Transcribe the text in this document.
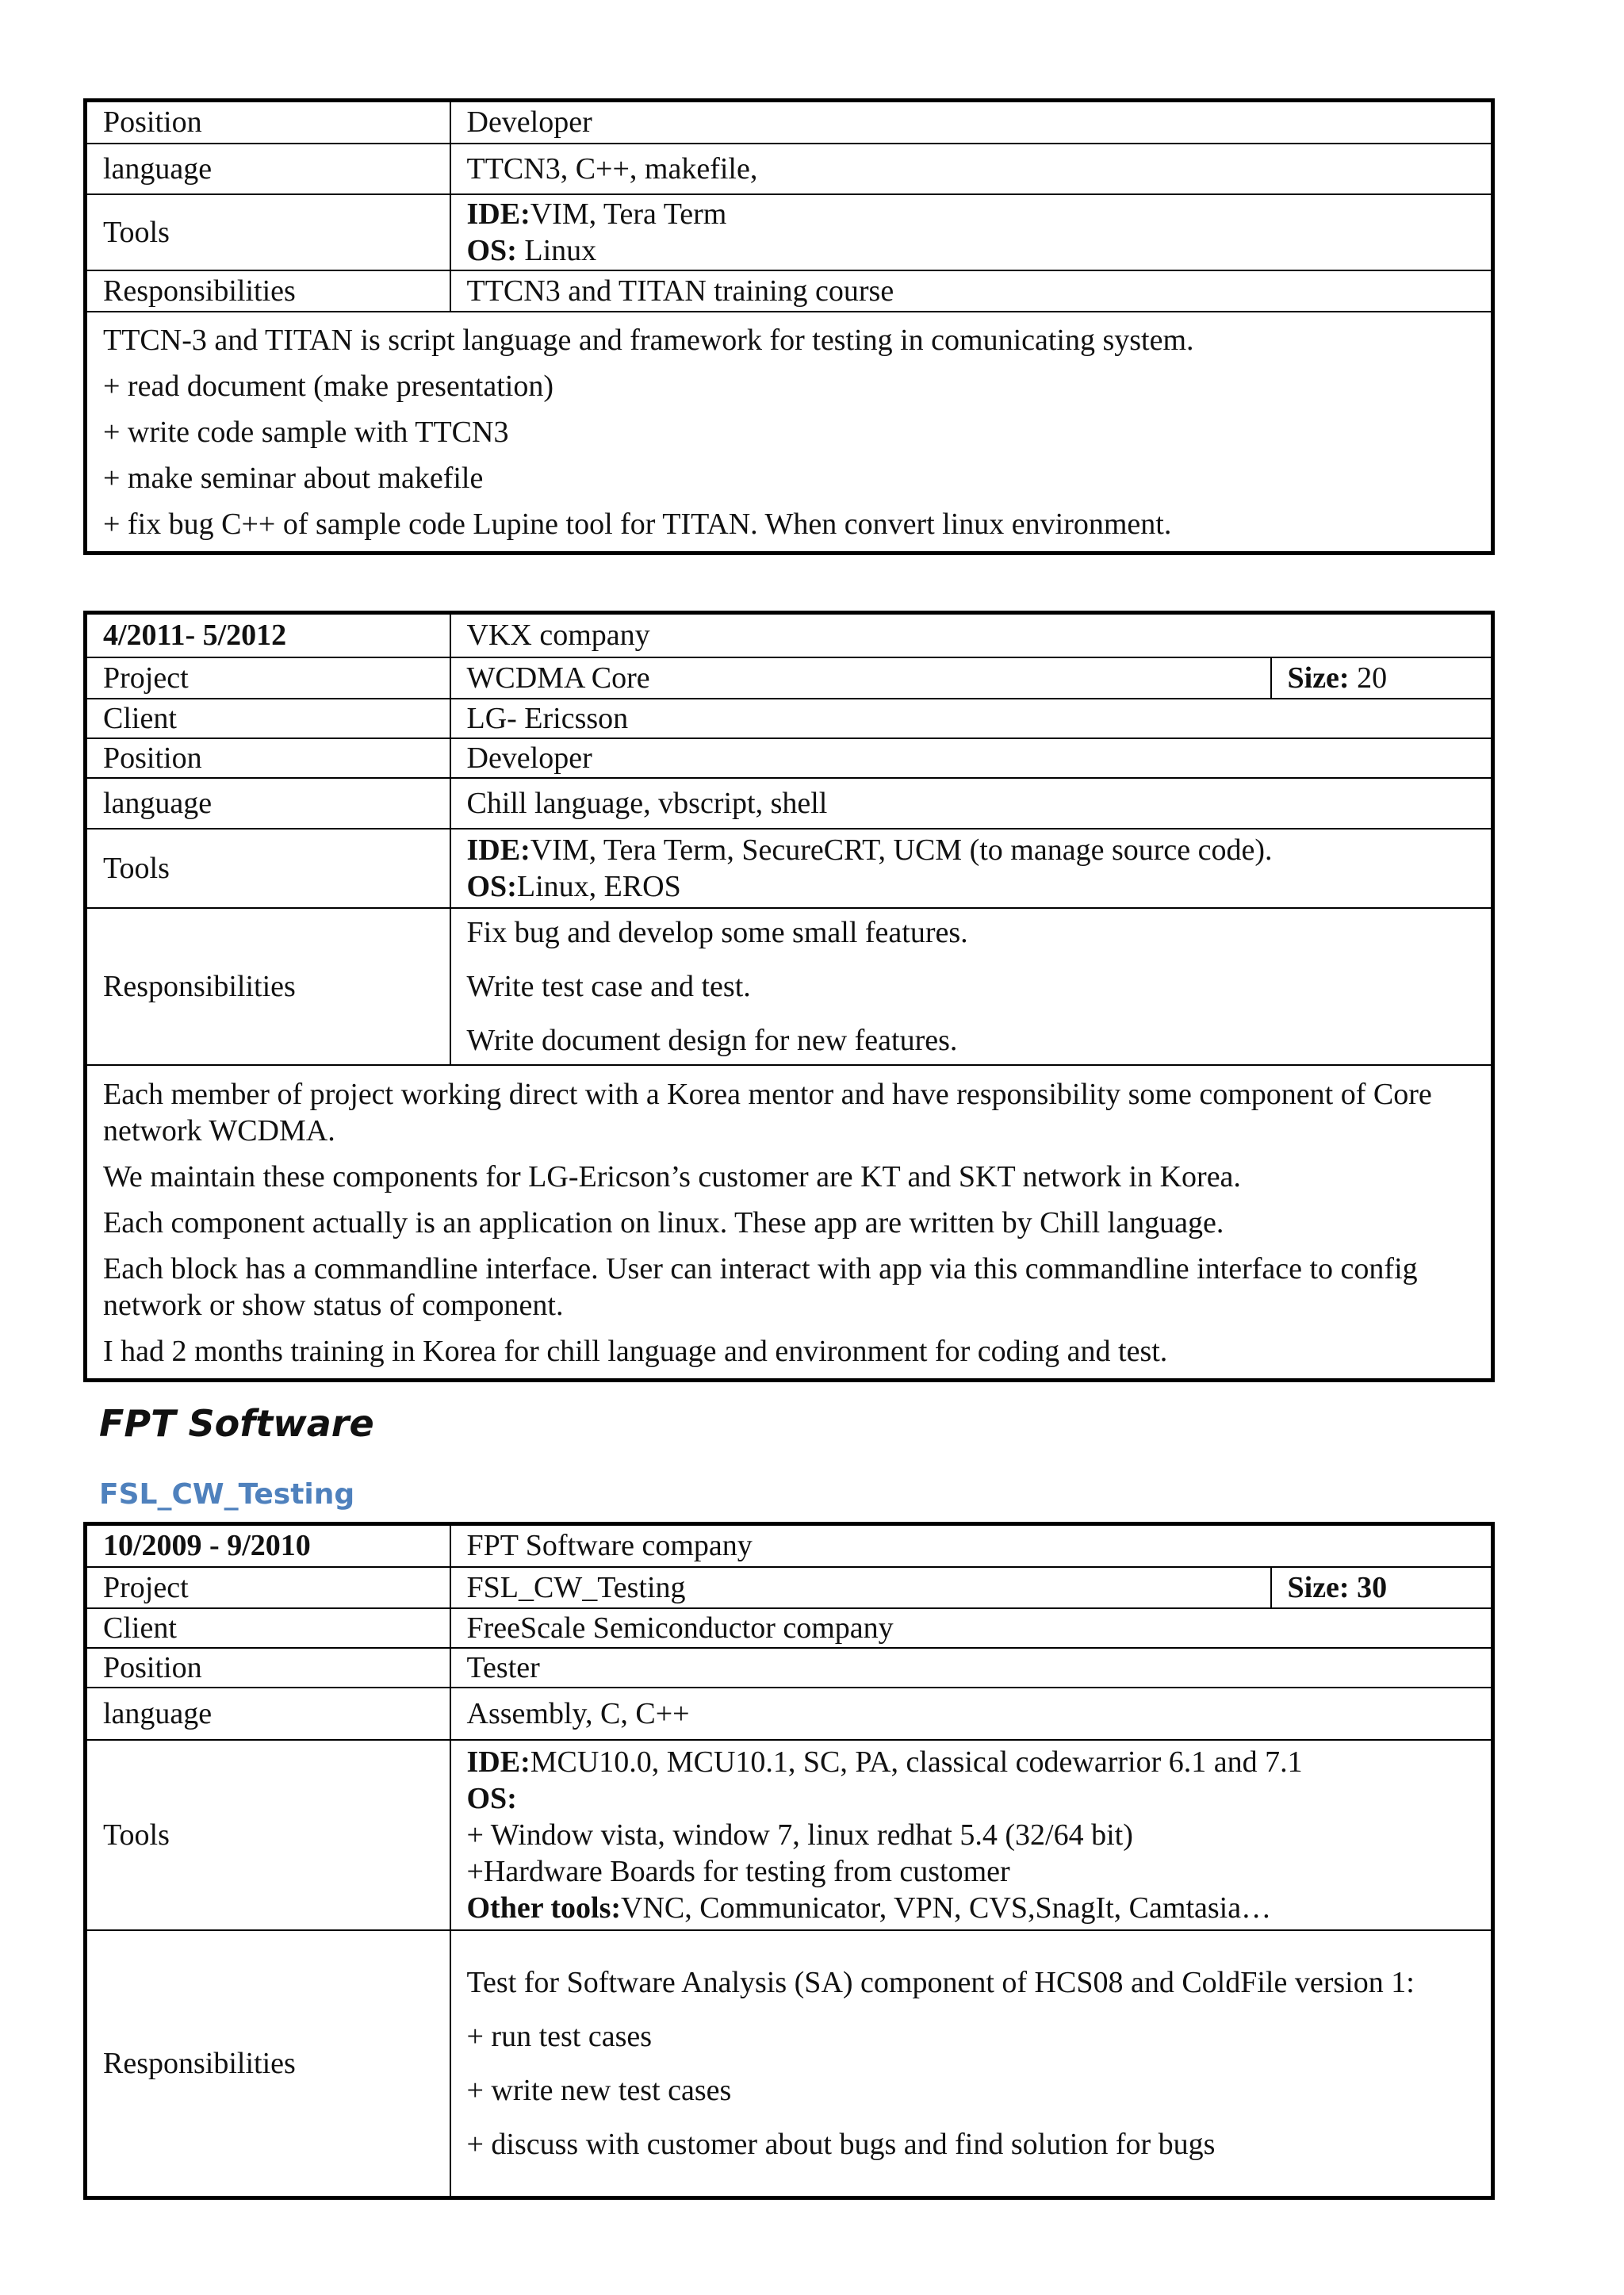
Position	Developer
language	TTCN3, C++, makefile,
Tools	IDE:VIM, Tera Term
OS: Linux

Responsibilities	TTCN3 and TITAN training course

TTCN-3 and TITAN is script language and framework for testing in comunicating system.

+ read document (make presentation)

+ write code sample with TTCN3

+ make seminar about makefile

+ fix bug C++ of sample code Lupine tool for TITAN. When convert linux environment.	

4/2011- 5/2012	VKX company	
Project	WCDMA Core	Size: 20
Client	LG- Ericsson	
Position	Developer	
language	Chill language, vbscript, shell	
Tools	IDE:VIM, Tera Term, SecureCRT, UCM (to manage source code).
OS:Linux, EROS	

Responsibilities	Fix bug and develop some small features.

Write test case and test.

Write document design for new features.	

Each member of project working direct with a Korea mentor and have responsibility some component of Core network WCDMA.

We maintain these components for LG-Ericson’s customer are KT and SKT network in Korea.

Each component actually is an application on linux. These app are written by Chill language.

Each block has a commandline interface. User can interact with app via this commandline interface to config network or show status of component.

I had 2 months training in Korea for chill language and environment for coding and test.		

FPT Software
FSL_CW_Testing
10/2009 - 9/2010	FPT Software company	
Project	FSL_CW_Testing	Size: 30
Client	FreeScale Semiconductor company	
Position	Tester	
language	Assembly, C, C++	
Tools	IDE:MCU10.0, MCU10.1, SC, PA, classical codewarrior 6.1 and 7.1
OS:
+ Window vista, window 7, linux redhat 5.4 (32/64 bit)
+Hardware Boards for testing from customer
Other tools:VNC, Communicator, VPN, CVS,SnagIt, Camtasia…	

Responsibilities	Test for Software Analysis (SA) component of HCS08 and ColdFile version 1:

+ run test cases

+ write new test cases

+ discuss with customer about bugs and find solution for bugs	
